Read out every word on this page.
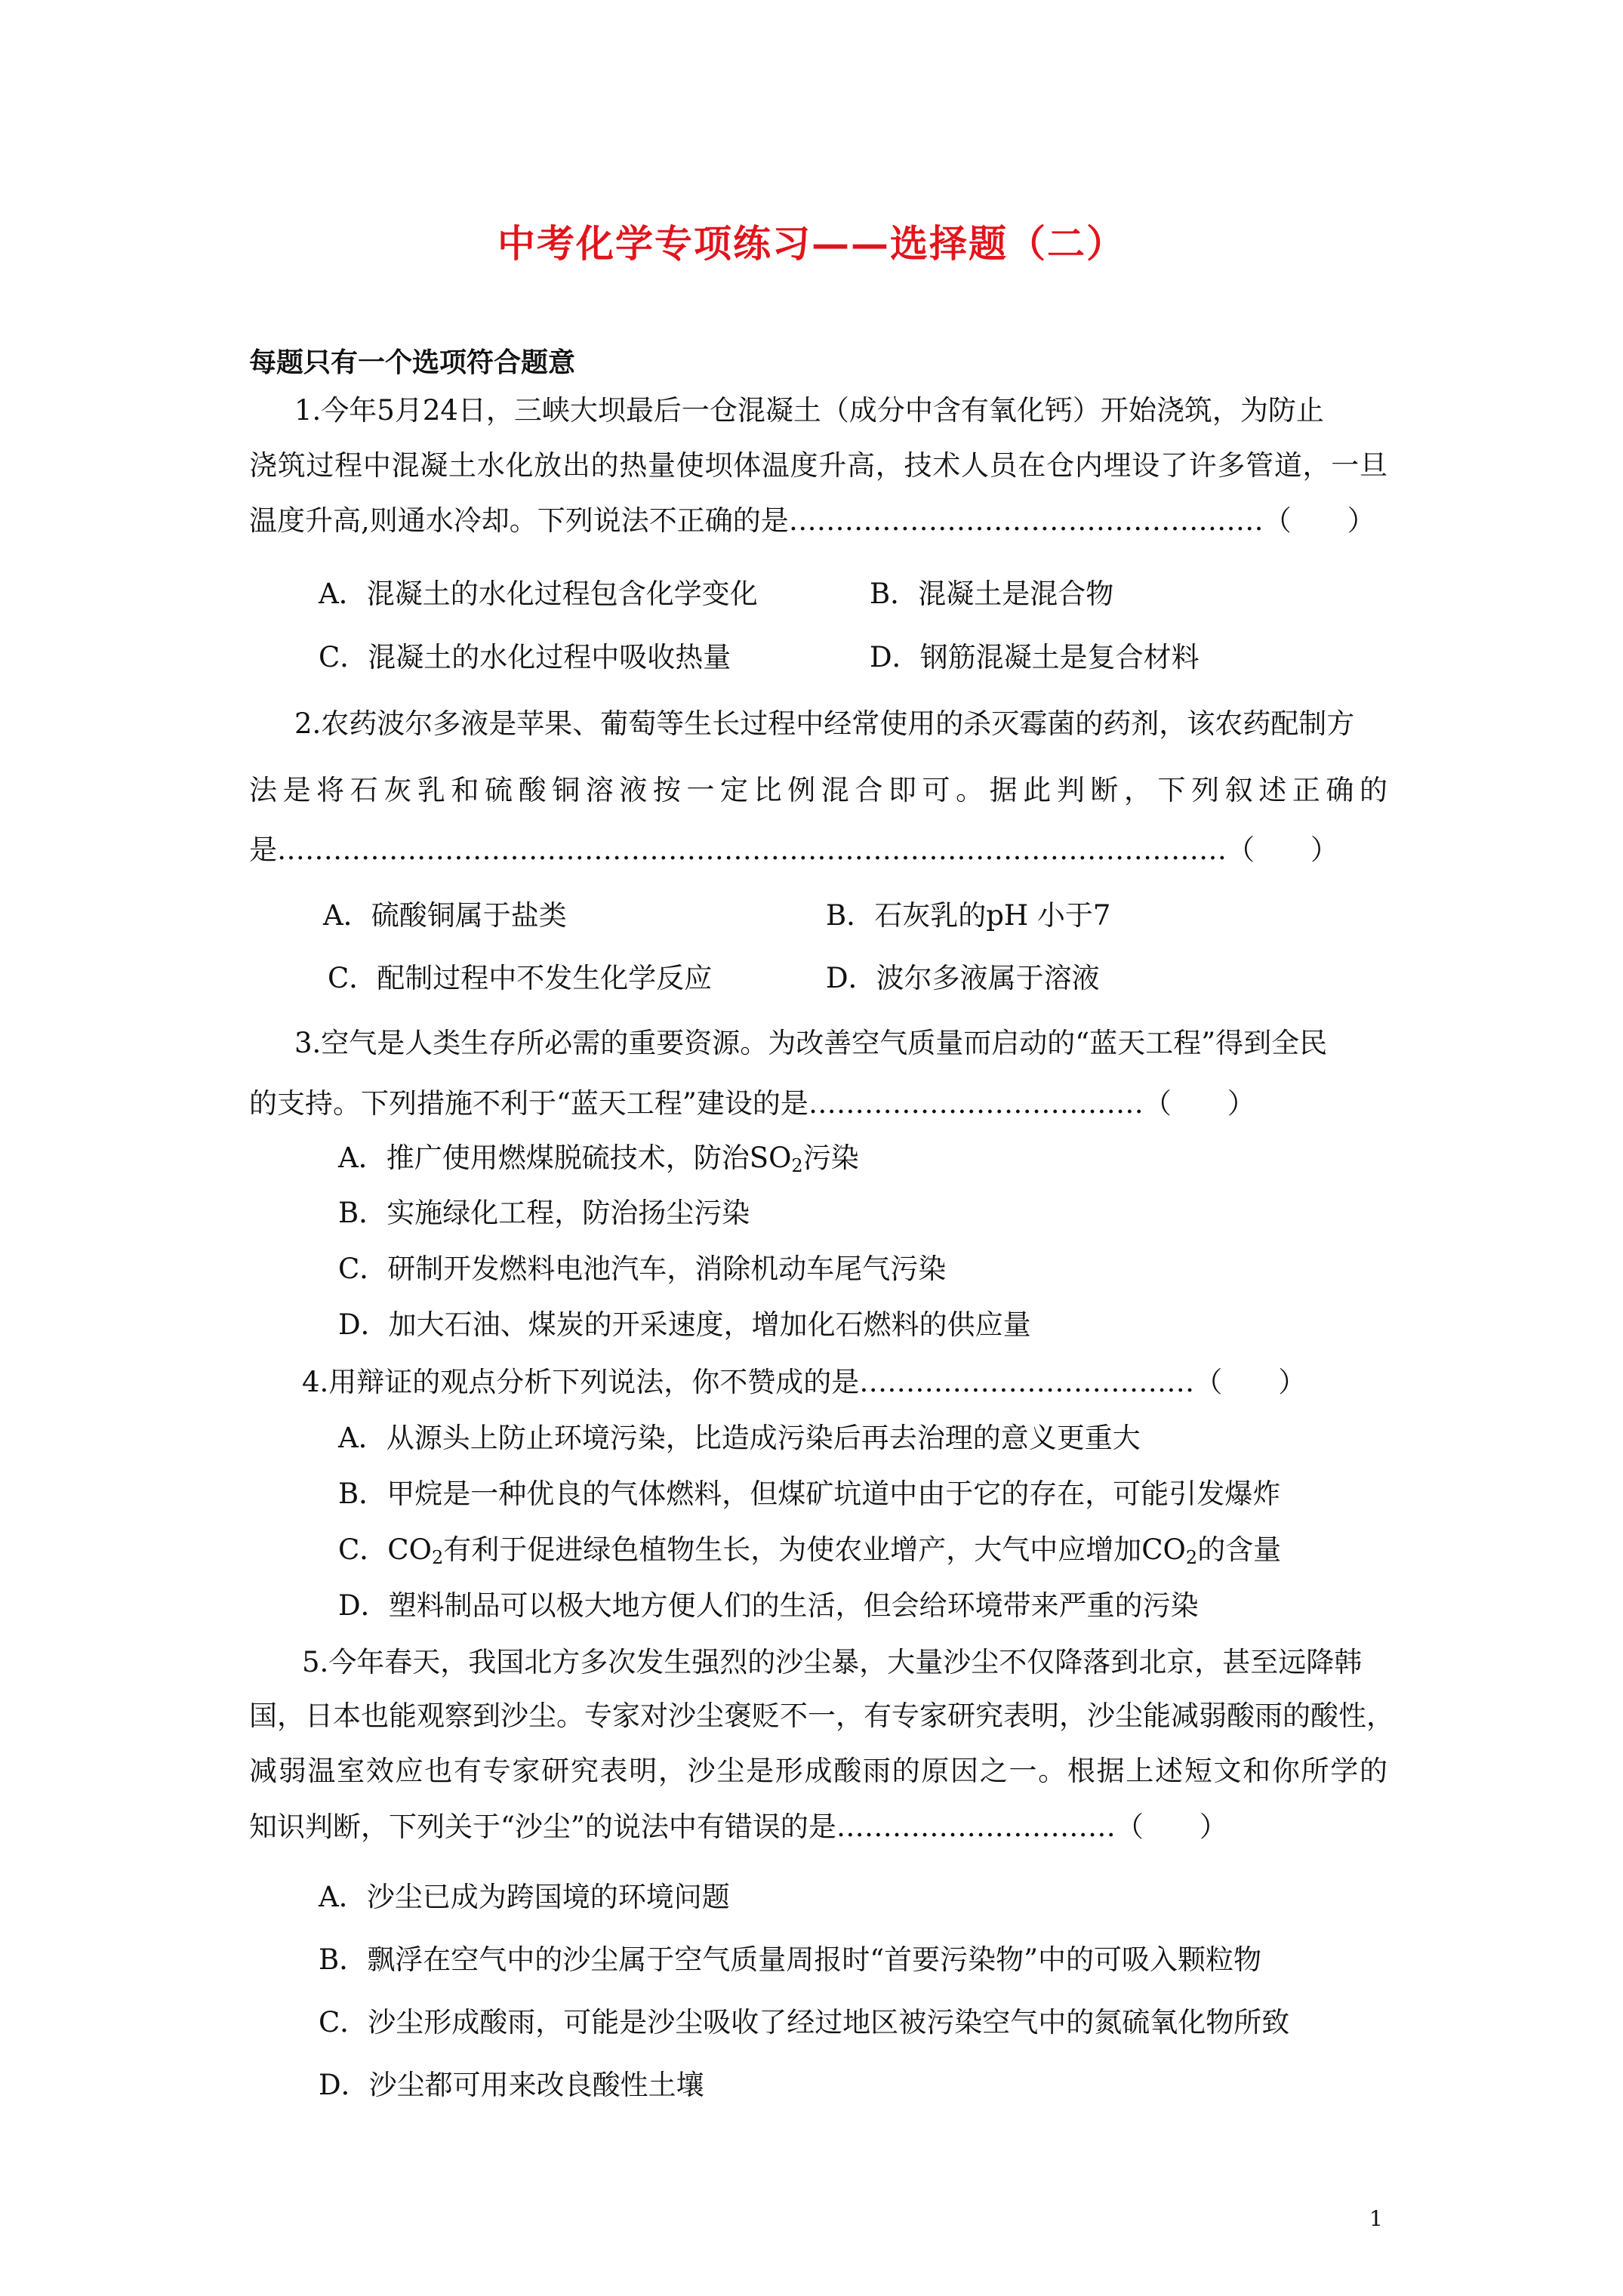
中考化学专项练习——选择题（二）
每题只有一个选项符合题意
1.今年5月24日，三峡大坝最后一仓混凝土（成分中含有氧化钙）开始浇筑，为防止
浇筑过程中混凝土水化放出的热量使坝体温度升高，技术人员在仓内埋设了许多管道，一旦
温度升高,则通水冷却。下列说法不正确的是……………………………………………（　　）
A．混凝土的水化过程包含化学变化	B．混凝土是混合物
C．混凝土的水化过程中吸收热量	D．钢筋混凝土是复合材料
2.农药波尔多液是苹果、葡萄等生长过程中经常使用的杀灭霉菌的药剂，该农药配制方
法是将石灰乳和硫酸铜溶液按一定比例混合即可。据此判断，下列叙述正确的
是…………………………………………………………………………………………（　　）
A．硫酸铜属于盐类	B．石灰乳的pH 小于7
C．配制过程中不发生化学反应	D．波尔多液属于溶液
3.空气是人类生存所必需的重要资源。为改善空气质量而启动的“蓝天工程”得到全民
的支持。下列措施不利于“蓝天工程”建设的是………………………………（　　）
A．推广使用燃煤脱硫技术，防治$SO_2$污染
B．实施绿化工程，防治扬尘污染
C．研制开发燃料电池汽车，消除机动车尾气污染
D．加大石油、煤炭的开采速度，增加化石燃料的供应量
4.用辩证的观点分析下列说法，你不赞成的是………………………………（　　）
A．从源头上防止环境污染，比造成污染后再去治理的意义更重大
B．甲烷是一种优良的气体燃料，但煤矿坑道中由于它的存在，可能引发爆炸
C．$CO_2$有利于促进绿色植物生长，为使农业增产，大气中应增加$CO_2$的含量
D．塑料制品可以极大地方便人们的生活，但会给环境带来严重的污染
5.今年春天，我国北方多次发生强烈的沙尘暴，大量沙尘不仅降落到北京，甚至远降韩
国，日本也能观察到沙尘。专家对沙尘褒贬不一，有专家研究表明，沙尘能减弱酸雨的酸性，
减弱温室效应也有专家研究表明，沙尘是形成酸雨的原因之一。根据上述短文和你所学的
知识判断，下列关于“沙尘”的说法中有错误的是…………………………（　　）
A．沙尘已成为跨国境的环境问题
B．飘浮在空气中的沙尘属于空气质量周报时“首要污染物”中的可吸入颗粒物
C．沙尘形成酸雨，可能是沙尘吸收了经过地区被污染空气中的氮硫氧化物所致
D．沙尘都可用来改良酸性土壤
1
